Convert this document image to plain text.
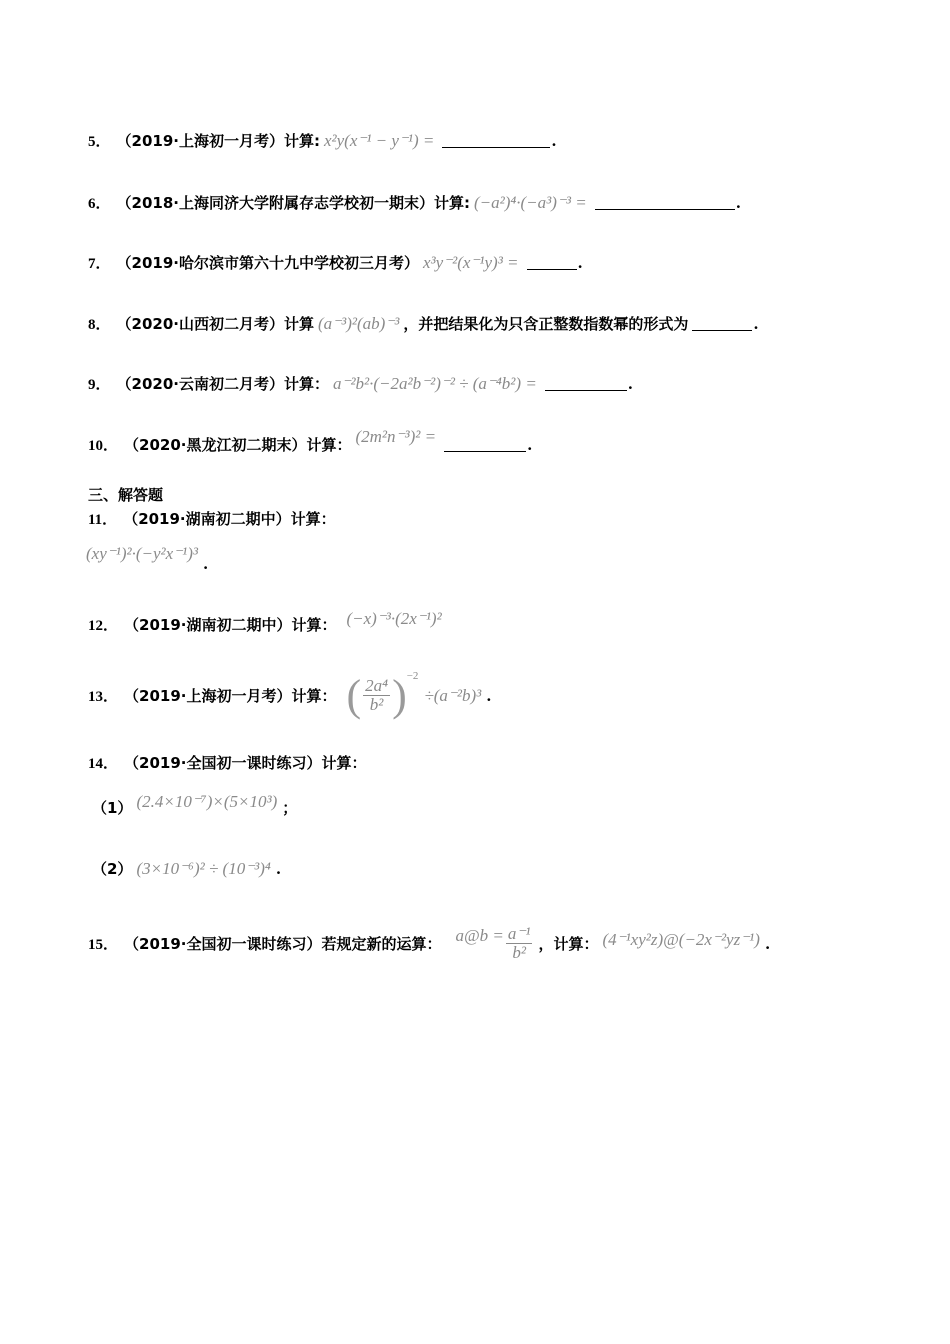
5． （2019·上海初一月考） 计算: x²y(x⁻¹ − y⁻¹) =	.
6． （2018·上海同济大学附属存志学校初一期末） 计算: (−a²)⁴·(−a³)⁻³ =	.
7． （2019·哈尔滨市第六十九中学校初三月考） x³y⁻²(x⁻¹y)³ =	.
8． （2020·山西初二月考） 计算 (a⁻³)²(ab)⁻³ ，并把结果化为只含正整数指数幂的形式为	.
9． （2020·云南初二月考） 计算： a⁻²b²·(−2a²b⁻²)⁻² ÷ (a⁻⁴b²) =	.
10． （2020·黑龙江初二期末） 计算： (2m²n⁻³)² =	.
三、解答题
11． （2019·湖南初二期中） 计算：
(xy⁻¹)²·(−y²x⁻¹)³
.
12． （2019·湖南初二期中） 计算： (−x)⁻³·(2x⁻¹)²
13． （2019·上海初一月考） 计算： ( $\frac{\text{2a⁴}}{\text{b²}} )^{-2}$
÷(a⁻²b)³ .
14． （2019·全国初一课时练习） 计算：
（1） (2.4×10⁻⁷)×(5×10³) ；
（2） (3×10⁻⁶)² ÷ (10⁻³)⁴ .
15． （2019·全国初一课时练习） 若规定新的运算： a@b = $\frac{\text{a⁻¹}}{\text{b²}}$ ，计算： (4⁻¹xy²z)@(−2x⁻²yz⁻¹) .
